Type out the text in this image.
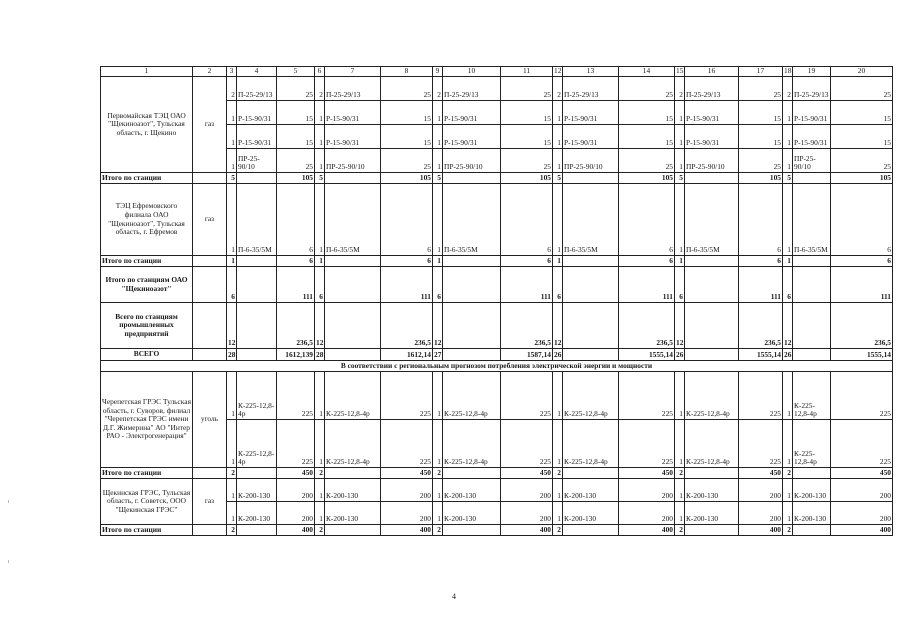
1	2	3	4	5	6	7	8	9	10	11	12	13	14	15	16	17	18	19	20
Первомайская ТЭЦ ОАО "Щекиноазот", Тульская область, г. Щекино	газ	2	П-25-29/13	25	2	П-25-29/13	25	2	П-25-29/13	25	2	П-25-29/13	25	2	П-25-29/13	25	2	П-25-29/13	25
		1	Р-15-90/31	15	1	Р-15-90/31	15	1	Р-15-90/31	15	1	Р-15-90/31	15	1	Р-15-90/31	15	1	Р-15-90/31	15
		1	Р-15-90/31	15	1	Р-15-90/31	15	1	Р-15-90/31	15	1	Р-15-90/31	15	1	Р-15-90/31	15	1	Р-15-90/31	15
		1	ПР-25-90/10	25	1	ПР-25-90/10	25	1	ПР-25-90/10	25	1	ПР-25-90/10	25	1	ПР-25-90/10	25	1	ПР-25-90/10	25
Итого по станции		5		105	5		105	5		105	5		105	5		105	5		105
ТЭЦ Ефремовского филиала ОАО "Щекиноазот", Тульская область, г. Ефремов	газ	1	П-6-35/5М	6	1	П-6-35/5М	6	1	П-6-35/5М	6	1	П-6-35/5М	6	1	П-6-35/5М	6	1	П-6-35/5М	6
Итого по станции		1		6	1		6	1		6	1		6	1		6	1		6
Итого по станциям ОАО "Щекиноазот"		6		111	6		111	6		111	6		111	6		111	6		111
Всего по станциям промышленных предприятий		12		236,5	12		236,5	12		236,5	12		236,5	12		236,5	12		236,5
ВСЕГО		28		1612,139	28		1612,14	27		1587,14	26		1555,14	26		1555,14	26		1555,14
В соответствии с региональным прогнозом потребления электрической энергии и мощности																			
Черепетская ГРЭС Тульская область, г. Суворов, филиал "Черепетская ГРЭС имени Д.Г. Жимерина" АО "Интер РАО - Электрогенерация"	уголь	1	К-225-12,8-4р	225	1	К-225-12,8-4р	225	1	К-225-12,8-4р	225	1	К-225-12,8-4р	225	1	К-225-12,8-4р	225	1	К-225-12,8-4р	225
		1	К-225-12,8-4р	225	1	К-225-12,8-4р	225	1	К-225-12,8-4р	225	1	К-225-12,8-4р	225	1	К-225-12,8-4р	225	1	К-225-12,8-4р	225
Итого по станции		2		450	2		450	2		450	2		450	2		450	2		450
Щекинская ГРЭС, Тульская область, г. Советск, ООО "Щекинская ГРЭС"	газ	1	К-200-130	200	1	К-200-130	200	1	К-200-130	200	1	К-200-130	200	1	К-200-130	200	1	К-200-130	200
		1	К-200-130	200	1	К-200-130	200	1	К-200-130	200	1	К-200-130	200	1	К-200-130	200	1	К-200-130	200
Итого по станции		2		400	2		400	2		400	2		400	2		400	2		400
4
